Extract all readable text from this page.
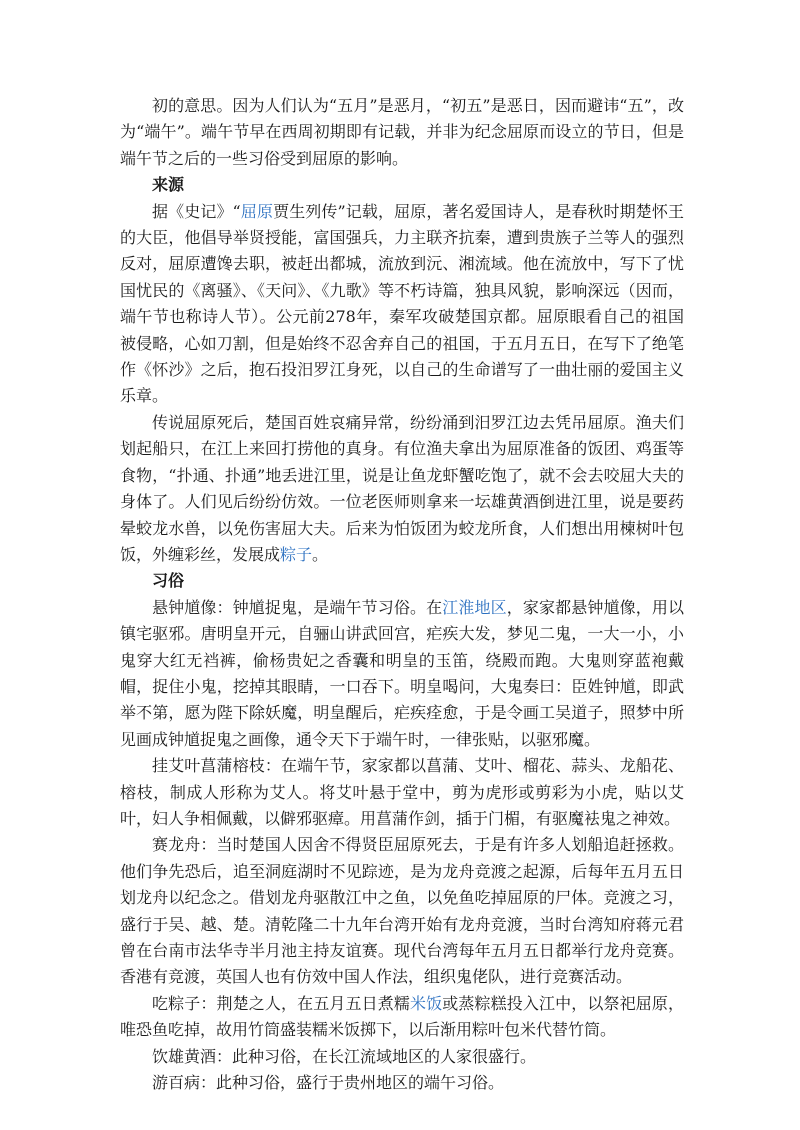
初的意思。因为人们认为“五月”是恶月，“初五”是恶日，因而避讳“五”，改为“端午”。端午节早在西周初期即有记载，并非为纪念屈原而设立的节日，但是端午节之后的一些习俗受到屈原的影响。

来源

据《史记》“屈原贾生列传”记载，屈原，著名爱国诗人，是春秋时期楚怀王的大臣，他倡导举贤授能，富国强兵，力主联齐抗秦，遭到贵族子兰等人的强烈反对，屈原遭馋去职，被赶出都城，流放到沅、湘流域。他在流放中，写下了忧国忧民的《离骚》、《天问》、《九歌》等不朽诗篇，独具风貌，影响深远（因而，端午节也称诗人节）。公元前278年，秦军攻破楚国京都。屈原眼看自己的祖国被侵略，心如刀割，但是始终不忍舍弃自己的祖国，于五月五日，在写下了绝笔作《怀沙》之后，抱石投汨罗江身死，以自己的生命谱写了一曲壮丽的爱国主义乐章。

传说屈原死后，楚国百姓哀痛异常，纷纷涌到汨罗江边去凭吊屈原。渔夫们划起船只，在江上来回打捞他的真身。有位渔夫拿出为屈原准备的饭团、鸡蛋等食物，“扑通、扑通”地丢进江里，说是让鱼龙虾蟹吃饱了，就不会去咬屈大夫的身体了。人们见后纷纷仿效。一位老医师则拿来一坛雄黄酒倒进江里，说是要药晕蛟龙水兽，以免伤害屈大夫。后来为怕饭团为蛟龙所食，人们想出用楝树叶包饭，外缠彩丝，发展成粽子。

习俗

悬钟馗像：钟馗捉鬼，是端午节习俗。在江淮地区，家家都悬钟馗像，用以镇宅驱邪。唐明皇开元，自骊山讲武回宫，疟疾大发，梦见二鬼，一大一小，小鬼穿大红无裆裤，偷杨贵妃之香囊和明皇的玉笛，绕殿而跑。大鬼则穿蓝袍戴帽，捉住小鬼，挖掉其眼睛，一口吞下。明皇喝问，大鬼奏曰：臣姓钟馗，即武举不第，愿为陛下除妖魔，明皇醒后，疟疾痊愈，于是令画工吴道子，照梦中所见画成钟馗捉鬼之画像，通令天下于端午时，一律张贴，以驱邪魔。

挂艾叶菖蒲榕枝：在端午节，家家都以菖蒲、艾叶、榴花、蒜头、龙船花、榕枝，制成人形称为艾人。将艾叶悬于堂中，剪为虎形或剪彩为小虎，贴以艾叶，妇人争相佩戴，以僻邪驱瘴。用菖蒲作剑，插于门楣，有驱魔袪鬼之神效。

赛龙舟：当时楚国人因舍不得贤臣屈原死去，于是有许多人划船追赶拯救。他们争先恐后，追至洞庭湖时不见踪迹，是为龙舟竞渡之起源，后每年五月五日划龙舟以纪念之。借划龙舟驱散江中之鱼，以免鱼吃掉屈原的尸体。竞渡之习，盛行于吴、越、楚。清乾隆二十九年台湾开始有龙舟竞渡，当时台湾知府蒋元君曾在台南市法华寺半月池主持友谊赛。现代台湾每年五月五日都举行龙舟竞赛。香港有竞渡，英国人也有仿效中国人作法，组织鬼佬队，进行竞赛活动。

吃粽子：荆楚之人，在五月五日煮糯米饭或蒸粽糕投入江中，以祭祀屈原，唯恐鱼吃掉，故用竹筒盛装糯米饭掷下，以后渐用粽叶包米代替竹筒。

饮雄黄酒：此种习俗，在长江流域地区的人家很盛行。

游百病：此种习俗，盛行于贵州地区的端午习俗。
